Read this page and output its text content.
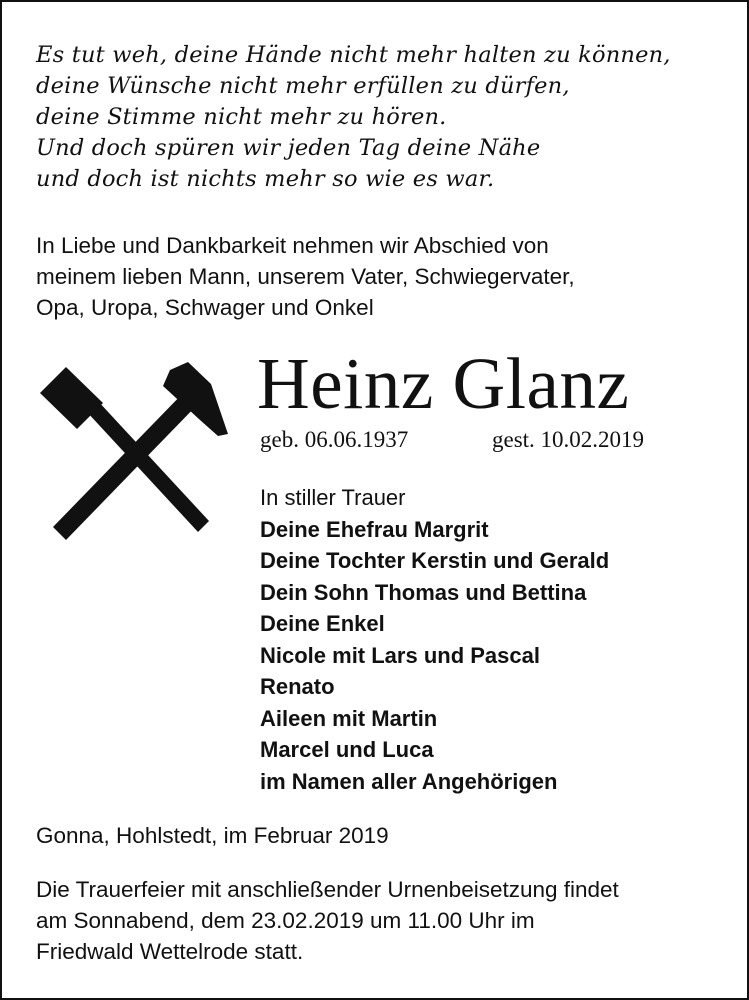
Es tut weh, deine Hände nicht mehr halten zu können,
deine Wünsche nicht mehr erfüllen zu dürfen,
deine Stimme nicht mehr zu hören.
Und doch spüren wir jeden Tag deine Nähe
und doch ist nichts mehr so wie es war.
In Liebe und Dankbarkeit nehmen wir Abschied von
meinem lieben Mann, unserem Vater, Schwiegervater,
Opa, Uropa, Schwager und Onkel
Heinz Glanz
geb. 06.06.1937	gest. 10.02.2019
In stiller Trauer
Deine Ehefrau Margrit
Deine Tochter Kerstin und Gerald
Dein Sohn Thomas und Bettina
Deine Enkel
Nicole mit Lars und Pascal
Renato
Aileen mit Martin
Marcel und Luca
im Namen aller Angehörigen
Gonna, Hohlstedt, im Februar 2019
Die Trauerfeier mit anschließender Urnenbeisetzung findet
am Sonnabend, dem 23.02.2019 um 11.00 Uhr im
Friedwald Wettelrode statt.
